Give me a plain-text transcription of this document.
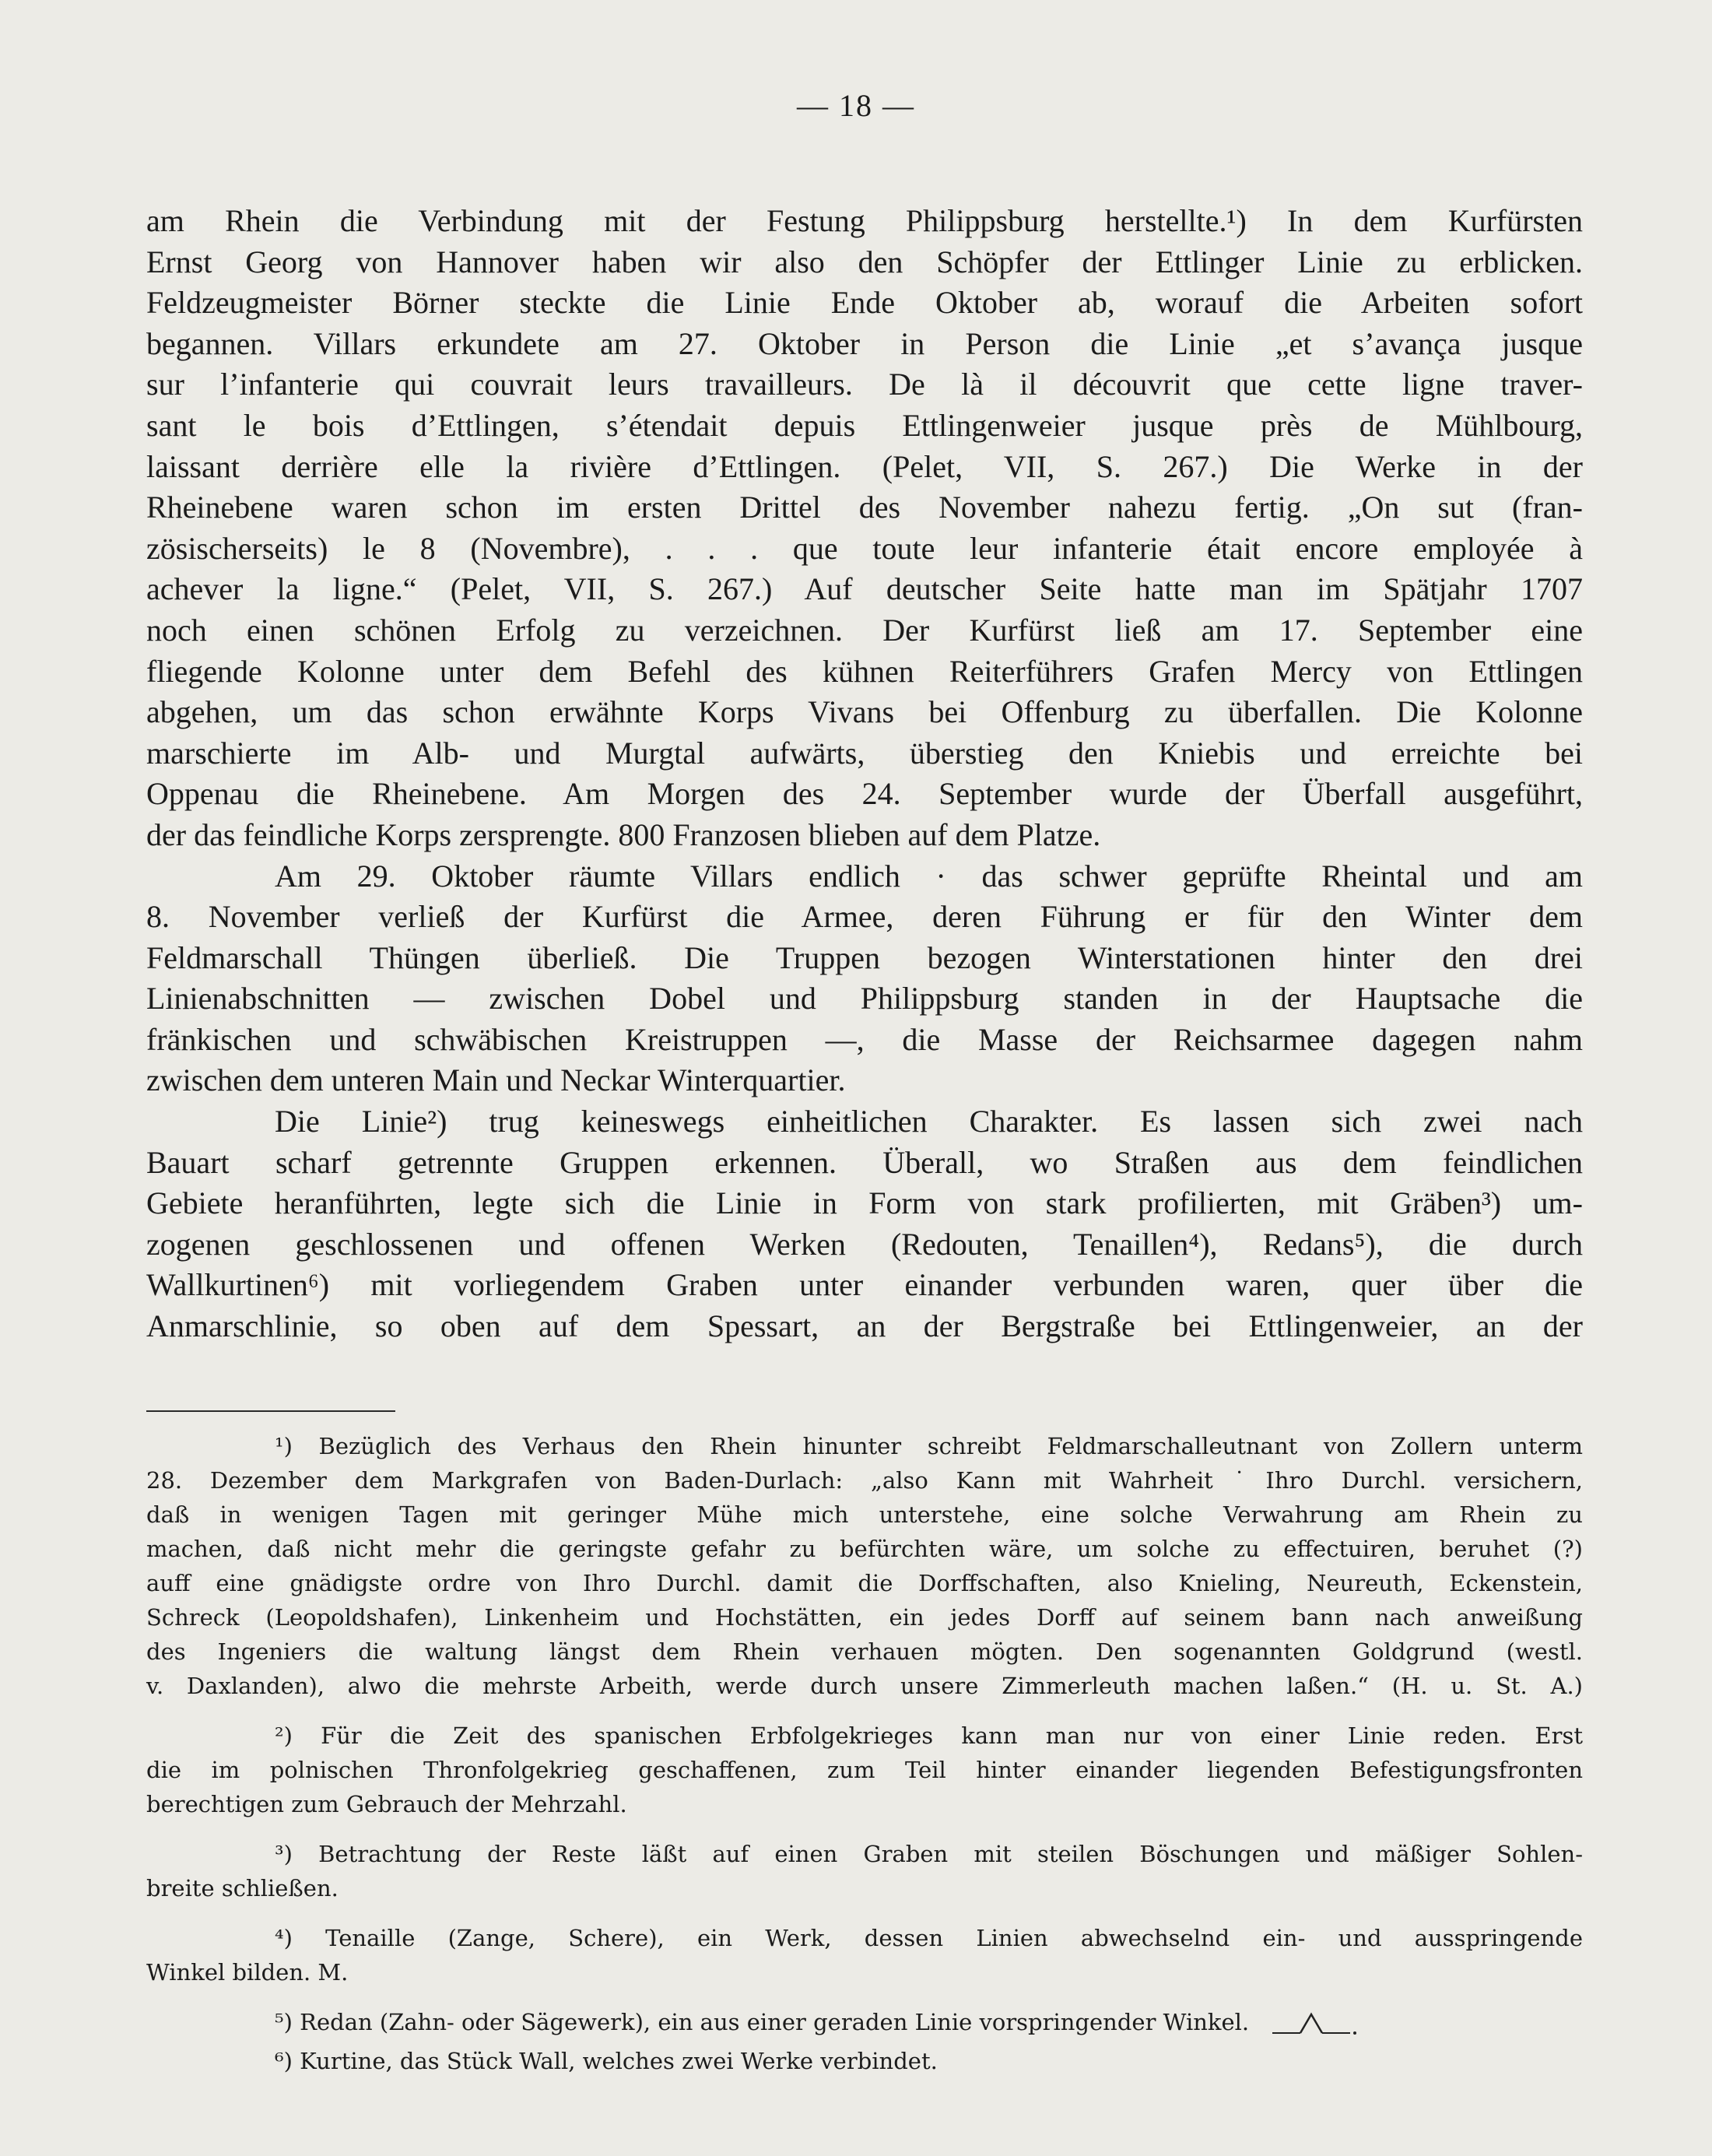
— 18 —

am Rhein die Verbindung mit der Festung Philippsburg herstellte.¹) In dem Kurfürsten
Ernst Georg von Hannover haben wir also den Schöpfer der Ettlinger Linie zu erblicken.
Feldzeugmeister Börner steckte die Linie Ende Oktober ab, worauf die Arbeiten sofort
begannen. Villars erkundete am 27. Oktober in Person die Linie „et s’avança jusque
sur l’infanterie qui couvrait leurs travailleurs. De là il découvrit que cette ligne traver-
sant le bois d’Ettlingen, s’étendait depuis Ettlingenweier jusque près de Mühlbourg,
laissant derrière elle la rivière d’Ettlingen. (Pelet, VII, S. 267.) Die Werke in der
Rheinebene waren schon im ersten Drittel des November nahezu fertig. „On sut (fran-
zösischerseits) le 8 (Novembre), . . . que toute leur infanterie était encore employée à
achever la ligne.“ (Pelet, VII, S. 267.) Auf deutscher Seite hatte man im Spätjahr 1707
noch einen schönen Erfolg zu verzeichnen. Der Kurfürst ließ am 17. September eine
fliegende Kolonne unter dem Befehl des kühnen Reiterführers Grafen Mercy von Ettlingen
abgehen, um das schon erwähnte Korps Vivans bei Offenburg zu überfallen. Die Kolonne
marschierte im Alb- und Murgtal aufwärts, überstieg den Kniebis und erreichte bei
Oppenau die Rheinebene. Am Morgen des 24. September wurde der Überfall ausgeführt,
der das feindliche Korps zersprengte. 800 Franzosen blieben auf dem Platze.

Am 29. Oktober räumte Villars endlich · das schwer geprüfte Rheintal und am
8. November verließ der Kurfürst die Armee, deren Führung er für den Winter dem
Feldmarschall Thüngen überließ. Die Truppen bezogen Winterstationen hinter den drei
Linienabschnitten — zwischen Dobel und Philippsburg standen in der Hauptsache die
fränkischen und schwäbischen Kreistruppen —, die Masse der Reichsarmee dagegen nahm
zwischen dem unteren Main und Neckar Winterquartier.

Die Linie²) trug keineswegs einheitlichen Charakter. Es lassen sich zwei nach
Bauart scharf getrennte Gruppen erkennen. Überall, wo Straßen aus dem feindlichen
Gebiete heranführten, legte sich die Linie in Form von stark profilierten, mit Gräben³) um-
zogenen geschlossenen und offenen Werken (Redouten, Tenaillen⁴), Redans⁵), die durch
Wallkurtinen⁶) mit vorliegendem Graben unter einander verbunden waren, quer über die
Anmarschlinie, so oben auf dem Spessart, an der Bergstraße bei Ettlingenweier, an der

¹) Bezüglich des Verhaus den Rhein hinunter schreibt Feldmarschalleutnant von Zollern unterm
28. Dezember dem Markgrafen von Baden-Durlach: „also Kann mit Wahrheit˙Ihro Durchl. versichern,
daß in wenigen Tagen mit geringer Mühe mich unterstehe, eine solche Verwahrung am Rhein zu
machen, daß nicht mehr die geringste gefahr zu befürchten wäre, um solche zu effectuiren, beruhet (?)
auff eine gnädigste ordre von Ihro Durchl. damit die Dorffschaften, also Knieling, Neureuth, Eckenstein,
Schreck (Leopoldshafen), Linkenheim und Hochstätten, ein jedes Dorff auf seinem bann nach anweißung
des Ingeniers die waltung längst dem Rhein verhauen mögten. Den sogenannten Goldgrund (westl.
v. Daxlanden), alwo die mehrste Arbeith, werde durch unsere Zimmerleuth machen laßen.“ (H. u. St. A.)
²) Für die Zeit des spanischen Erbfolgekrieges kann man nur von einer Linie reden. Erst
die im polnischen Thronfolgekrieg geschaffenen, zum Teil hinter einander liegenden Befestigungsfronten
berechtigen zum Gebrauch der Mehrzahl.
³) Betrachtung der Reste läßt auf einen Graben mit steilen Böschungen und mäßiger Sohlen-
breite schließen.
⁴) Tenaille (Zange, Schere), ein Werk, dessen Linien abwechselnd ein- und ausspringende
Winkel bilden. M.
⁵) Redan (Zahn- oder Sägewerk), ein aus einer geraden Linie vorspringender Winkel.
⁶) Kurtine, das Stück Wall, welches zwei Werke verbindet.
